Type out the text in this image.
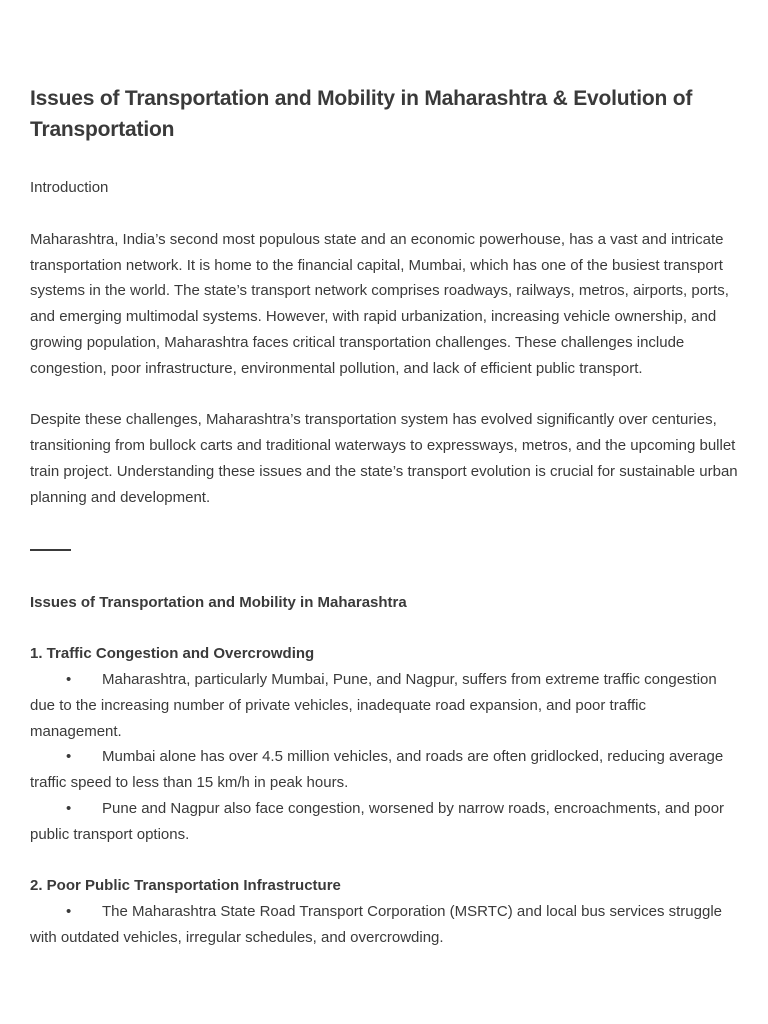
Issues of Transportation and Mobility in Maharashtra & Evolution of Transportation

Introduction

Maharashtra, India’s second most populous state and an economic powerhouse, has a vast and intricate transportation network. It is home to the financial capital, Mumbai, which has one of the busiest transport systems in the world. The state’s transport network comprises roadways, railways, metros, airports, ports, and emerging multimodal systems. However, with rapid urbanization, increasing vehicle ownership, and growing population, Maharashtra faces critical transportation challenges. These challenges include congestion, poor infrastructure, environmental pollution, and lack of efficient public transport.

Despite these challenges, Maharashtra’s transportation system has evolved significantly over centuries, transitioning from bullock carts and traditional waterways to expressways, metros, and the upcoming bullet train project. Understanding these issues and the state’s transport evolution is crucial for sustainable urban planning and development.

Issues of Transportation and Mobility in Maharashtra

1. Traffic Congestion and Overcrowding

• Maharashtra, particularly Mumbai, Pune, and Nagpur, suffers from extreme traffic congestion due to the increasing number of private vehicles, inadequate road expansion, and poor traffic management.

• Mumbai alone has over 4.5 million vehicles, and roads are often gridlocked, reducing average traffic speed to less than 15 km/h in peak hours.

• Pune and Nagpur also face congestion, worsened by narrow roads, encroachments, and poor public transport options.

2. Poor Public Transportation Infrastructure

• The Maharashtra State Road Transport Corporation (MSRTC) and local bus services struggle with outdated vehicles, irregular schedules, and overcrowding.
